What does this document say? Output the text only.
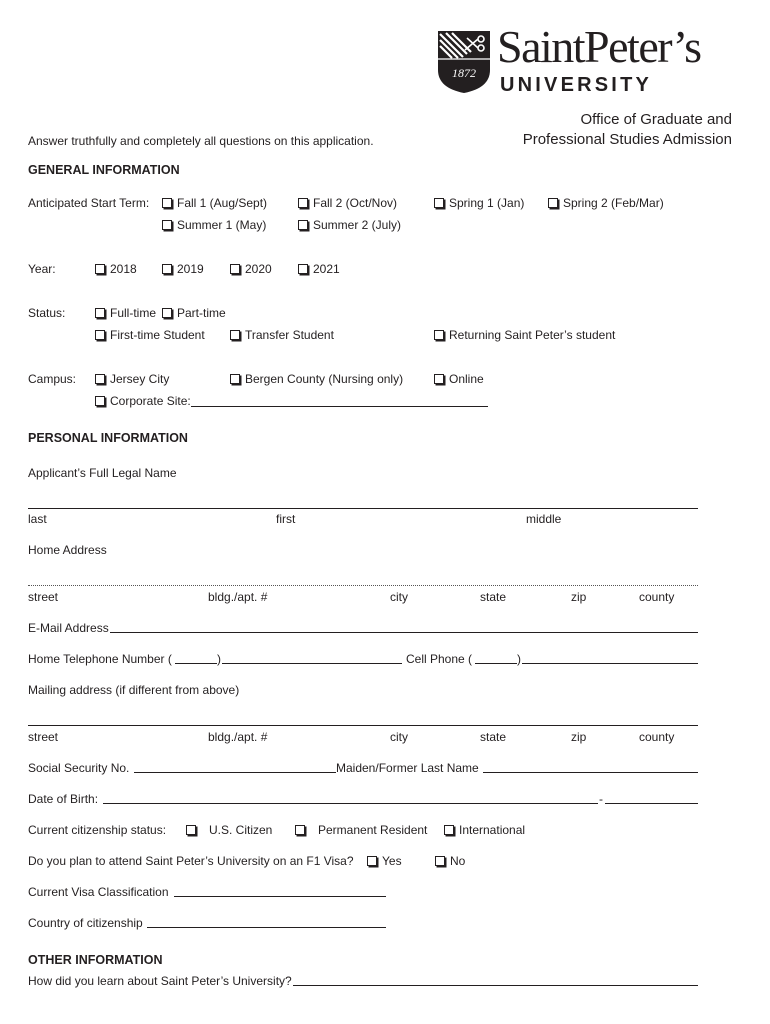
1872
SaintPeter’s
UNIVERSITY
Office of Graduate and
Professional Studies Admission
Answer truthfully and completely all questions on this application.
GENERAL INFORMATION
Anticipated Start Term: Fall 1 (Aug/Sept)	Fall 2 (Oct/Nov)	Spring 1 (Jan)	Spring 2 (Feb/Mar)
Summer 1 (May)	Summer 2 (July)
Year:	2018	2019	2020	2021
Status:	Full-time Part-time
First-time Student	Transfer Student	Returning Saint Peter’s student
Campus:	Jersey City	Bergen County (Nursing only)	Online
Corporate Site:
PERSONAL INFORMATION
Applicant’s Full Legal Name
last	first	middle
Home Address
street	bldg./apt. #	city	state	zip	county
E-Mail Address
Home Telephone Number (	)	Cell Phone (	)
Mailing address (if different from above)
street	bldg./apt. #	city	state	zip	county
Social Security No.	Maiden/Former Last Name
Date of Birth:	-
Current citizenship status:	U.S. Citizen	Permanent Resident	International
Do you plan to attend Saint Peter’s University on an F1 Visa? Yes	No
Current Visa Classification
Country of citizenship
OTHER INFORMATION
How did you learn about Saint Peter’s University?
